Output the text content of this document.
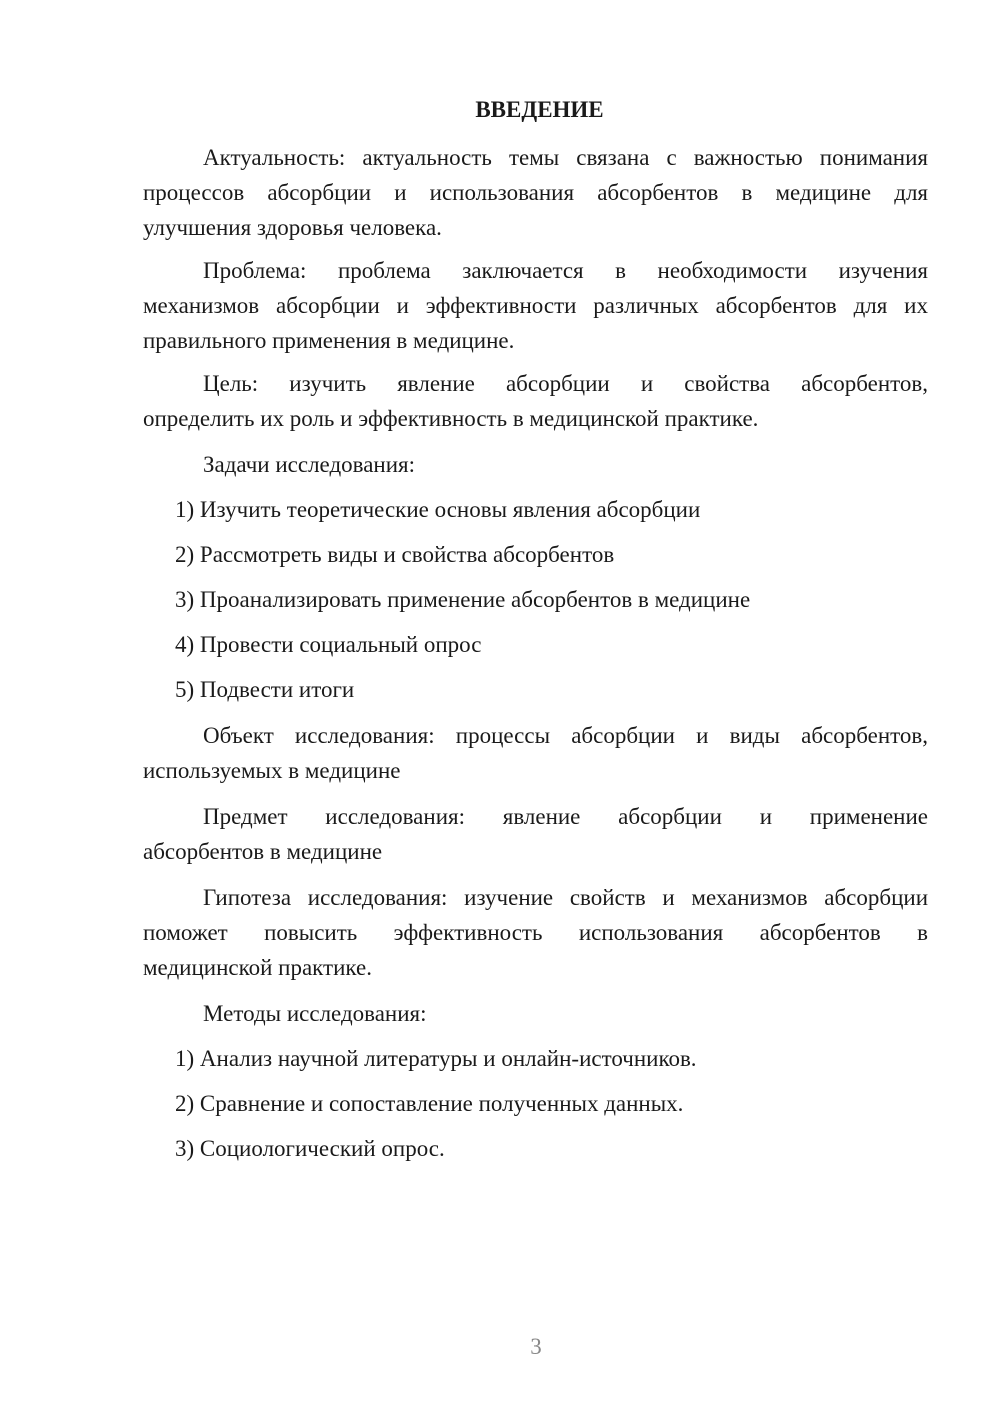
ВВЕДЕНИЕ
Актуальность: актуальность темы связана с важностью понимания
процессов абсорбции и использования абсорбентов в медицине для
улучшения здоровья человека.
Проблема: проблема заключается в необходимости изучения
механизмов абсорбции и эффективности различных абсорбентов для их
правильного применения в медицине.
Цель: изучить явление абсорбции и свойства абсорбентов,
определить их роль и эффективность в медицинской практике.
Задачи исследования:
1) Изучить теоретические основы явления абсорбции
2) Рассмотреть виды и свойства абсорбентов
3) Проанализировать применение абсорбентов в медицине
4) Провести социальный опрос
5) Подвести итоги
Объект исследования: процессы абсорбции и виды абсорбентов,
используемых в медицине
Предмет исследования: явление абсорбции и применение
абсорбентов в медицине
Гипотеза исследования: изучение свойств и механизмов абсорбции
поможет повысить эффективность использования абсорбентов в
медицинской практике.
Методы исследования:
1) Анализ научной литературы и онлайн-источников.
2) Сравнение и сопоставление полученных данных.
3) Социологический опрос.
3
